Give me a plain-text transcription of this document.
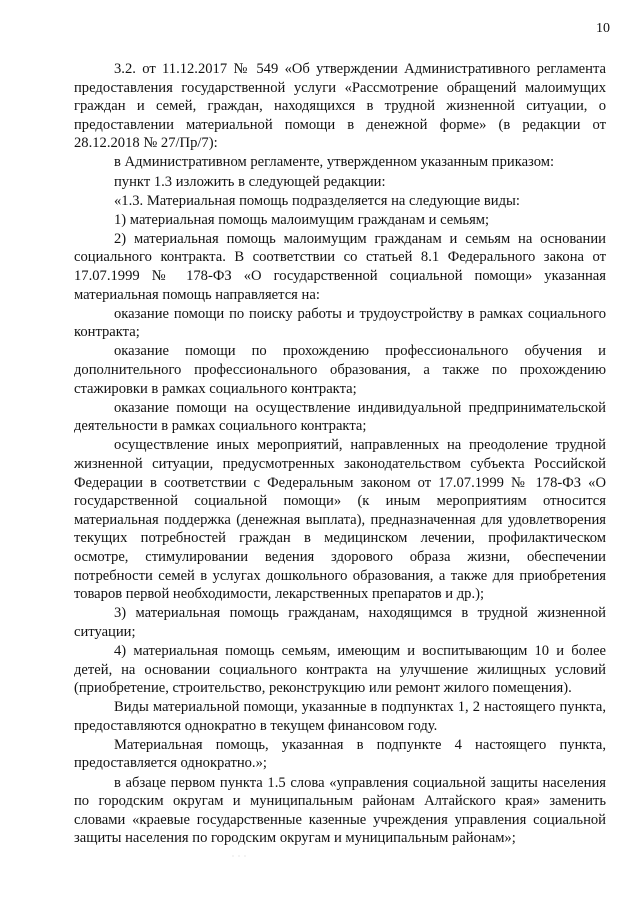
10

3.2. от 11.12.2017 № 549 «Об утверждении Административного регламента предоставления государственной услуги «Рассмотрение обращений малоимущих граждан и семей, граждан, находящихся в трудной жизненной ситуации, о предоставлении материальной помощи в денежной форме» (в редакции от 28.12.2018 № 27/Пр/7):

в Административном регламенте, утвержденном указанным приказом:

пункт 1.3 изложить в следующей редакции:

«1.3. Материальная помощь подразделяется на следующие виды:

1) материальная помощь малоимущим гражданам и семьям;

2) материальная помощь малоимущим гражданам и семьям на основании социального контракта. В соответствии со статьей 8.1 Федерального закона от 17.07.1999 № 178-ФЗ «О государственной социальной помощи» указанная материальная помощь направляется на:

оказание помощи по поиску работы и трудоустройству в рамках социального контракта;

оказание помощи по прохождению профессионального обучения и дополнительного профессионального образования, а также по прохождению стажировки в рамках социального контракта;

оказание помощи на осуществление индивидуальной предпринимательской деятельности в рамках социального контракта;

осуществление иных мероприятий, направленных на преодоление трудной жизненной ситуации, предусмотренных законодательством субъекта Российской Федерации в соответствии с Федеральным законом от 17.07.1999 № 178-ФЗ «О государственной социальной помощи» (к иным мероприятиям относится материальная поддержка (денежная выплата), предназначенная для удовлетворения текущих потребностей граждан в медицинском лечении, профилактическом осмотре, стимулировании ведения здорового образа жизни, обеспечении потребности семей в услугах дошкольного образования, а также для приобретения товаров первой необходимости, лекарственных препаратов и др.);

3) материальная помощь гражданам, находящимся в трудной жизненной ситуации;

4) материальная помощь семьям, имеющим и воспитывающим 10 и более детей, на основании социального контракта на улучшение жилищных условий (приобретение, строительство, реконструкцию или ремонт жилого помещения).

Виды материальной помощи, указанные в подпунктах 1, 2 настоящего пункта, предоставляются однократно в текущем финансовом году.

Материальная помощь, указанная в подпункте 4 настоящего пункта, предоставляется однократно.»;

в абзаце первом пункта 1.5 слова «управления социальной защиты населения по городским округам и муниципальным районам Алтайского края» заменить словами «краевые государственные казенные учреждения управления социальной защиты населения по городским округам и муниципальным районам»;
